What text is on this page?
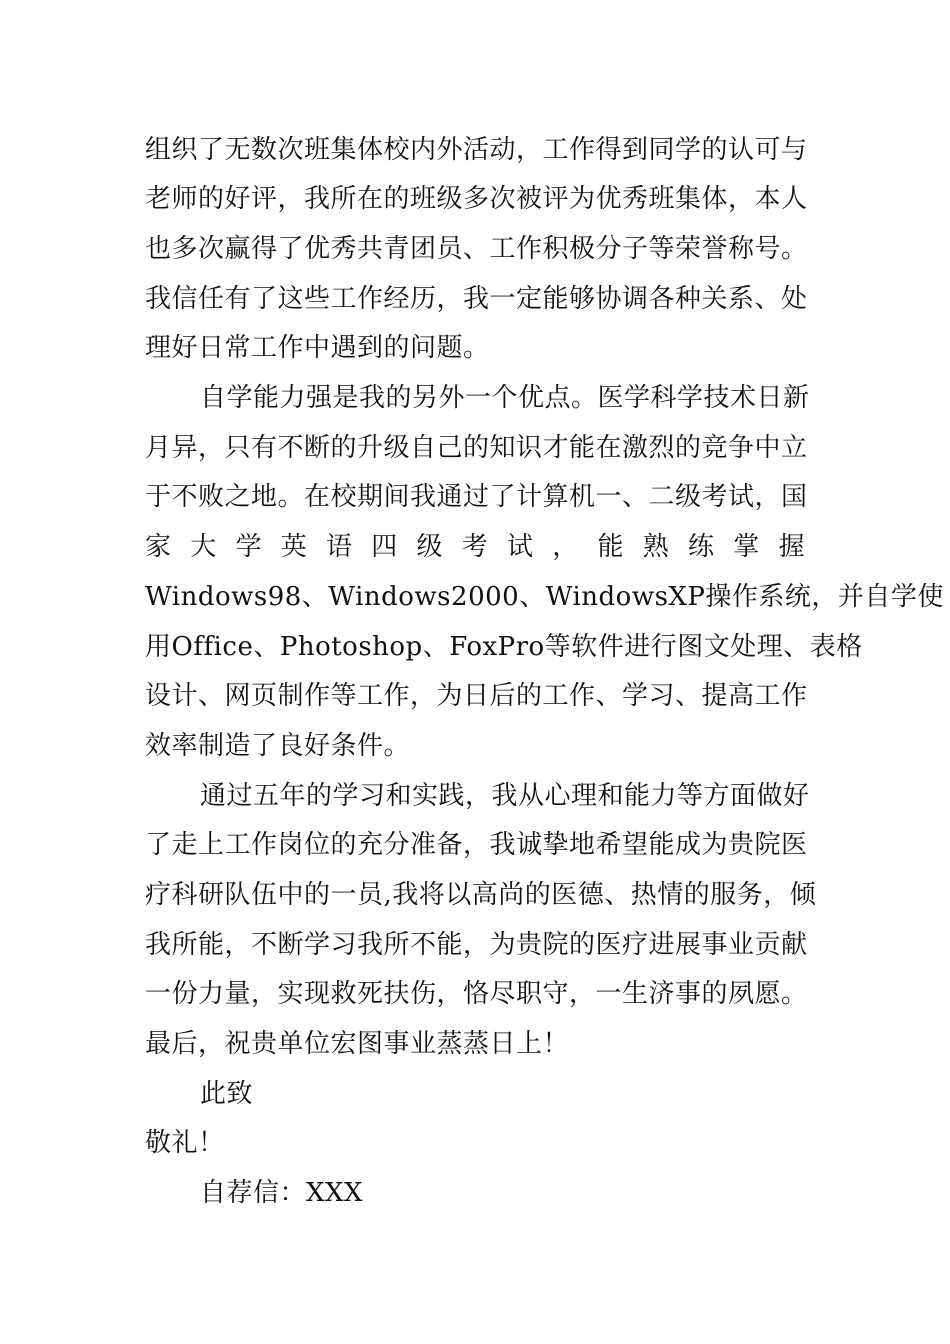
组织了无数次班集体校内外活动，工作得到同学的认可与
老师的好评，我所在的班级多次被评为优秀班集体，本人
也多次赢得了优秀共青团员、工作积极分子等荣誉称号。
我信任有了这些工作经历，我一定能够协调各种关系、处
理好日常工作中遇到的问题。
自学能力强是我的另外一个优点。医学科学技术日新
月异，只有不断的升级自己的知识才能在激烈的竞争中立
于不败之地。在校期间我通过了计算机一、二级考试，国
家 大 学 英 语 四 级 考 试 ， 能 熟 练 掌 握
Windows98、Windows2000、WindowsXP操作系统，并自学使
用Office、Photoshop、FoxPro等软件进行图文处理、表格
设计、网页制作等工作，为日后的工作、学习、提高工作
效率制造了良好条件。
通过五年的学习和实践，我从心理和能力等方面做好
了走上工作岗位的充分准备，我诚挚地希望能成为贵院医
疗科研队伍中的一员,我将以高尚的医德、热情的服务，倾
我所能，不断学习我所不能，为贵院的医疗进展事业贡献
一份力量，实现救死扶伤，恪尽职守，一生济事的夙愿。
最后，祝贵单位宏图事业蒸蒸日上！
此致
敬礼！
自荐信：XXX
